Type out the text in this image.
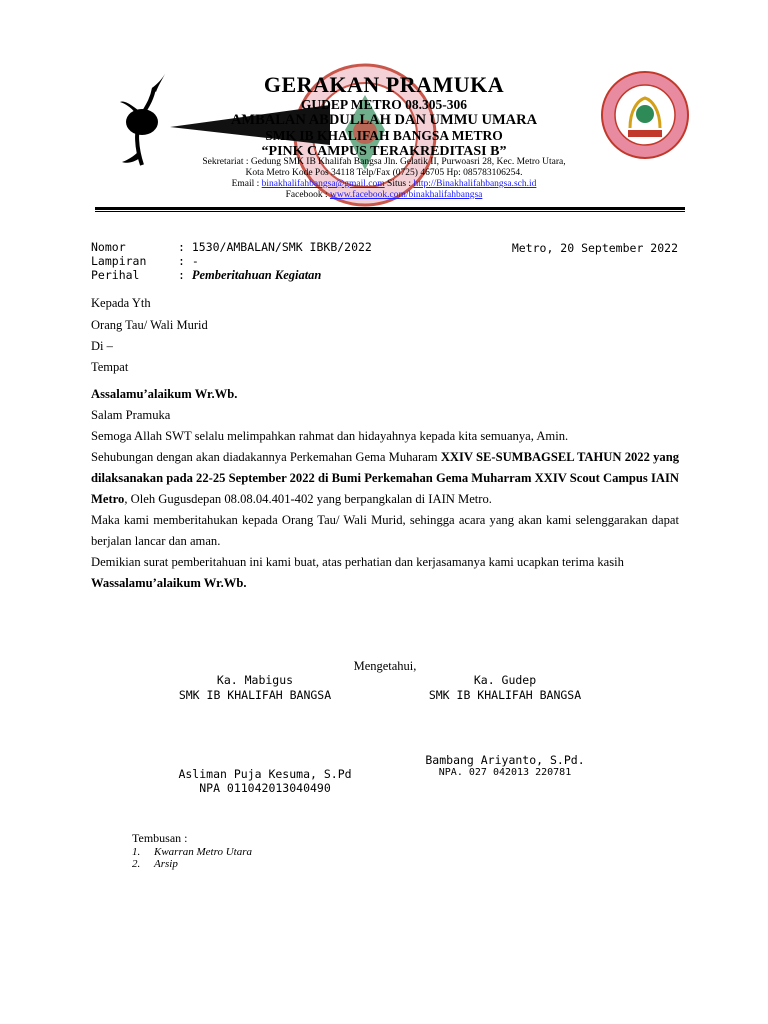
GERAKAN PRAMUKA
GUDEP METRO 08.305-306
AMBALAN ABDULLAH DAN UMMU UMARA
SMK IB KHALIFAH BANGSA METRO
“PINK CAMPUS TERAKREDITASI B”
Sekretariat : Gedung SMK IB Khalifah Bangsa Jln. Gelatik II, Purwoasri 28, Kec. Metro Utara,
Kota Metro Kode Pos 34118 Telp/Fax (0725) 46705 Hp: 085783106254.
Email : binakhalifahbangsa@gmail.com Situs : http://Binakhalifahbangsa.sch.id
Facebook : www.facebook.com/binakhalifahbangsa
Metro, 20 September 2022
Nomor	: 1530/AMBALAN/SMK IBKB/2022
Lampiran	: -
Perihal	: Pemberitahuan Kegiatan
Kepada Yth
Orang Tau/ Wali Murid
Di –
Tempat
Assalamu’alaikum Wr.Wb.
Salam Pramuka
Semoga Allah SWT selalu melimpahkan rahmat dan hidayahnya kepada kita semuanya, Amin.
Sehubungan dengan akan diadakannya Perkemahan Gema Muharam XXIV SE-SUMBAGSEL TAHUN 2022 yang dilaksanakan pada 22-25 September 2022 di Bumi Perkemahan Gema Muharram XXIV Scout Campus IAIN Metro, Oleh Gugusdepan 08.08.04.401-402 yang berpangkalan di IAIN Metro.
Maka kami memberitahukan kepada Orang Tau/ Wali Murid, sehingga acara yang akan kami selenggarakan dapat berjalan lancar dan aman.
Demikian surat pemberitahuan ini kami buat, atas perhatian dan kerjasamanya kami ucapkan terima kasih
Wassalamu’alaikum Wr.Wb.
Mengetahui,
Ka. Mabigus
SMK IB KHALIFAH BANGSA
Ka. Gudep
SMK IB KHALIFAH BANGSA
Bambang Ariyanto, S.Pd.
NPA. 027 042013 220781
Asliman Puja Kesuma, S.Pd
NPA 011042013040490
Tembusan :
1. Kwarran Metro Utara
2. Arsip
